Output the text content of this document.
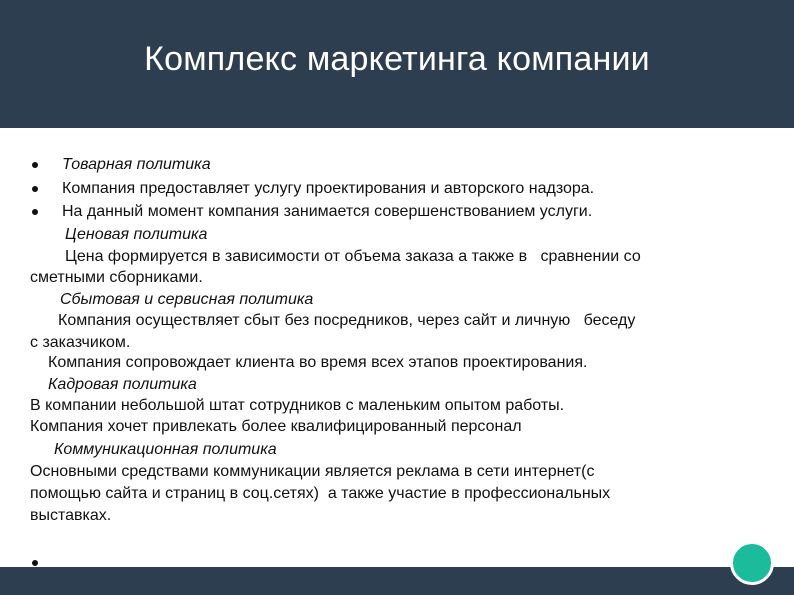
Комплекс маркетинга компании
Товарная политика
Компания предоставляет услугу проектирования и авторского надзора.
На данный момент компания занимается совершенствованием услуги.
Ценовая политика
Цена формируется в зависимости от объема заказа а также в   сравнении со
сметными сборниками.
Сбытовая и сервисная политика
Компания осуществляет сбыт без посредников, через сайт и личную   беседу
с заказчиком.
Компания сопровождает клиента во время всех этапов проектирования.
Кадровая политика
В компании небольшой штат сотрудников с маленьким опытом работы.
Компания хочет привлекать более квалифицированный персонал
Коммуникационная политика
Основными средствами коммуникации является реклама в сети интернет(с
помощью сайта и страниц в соц.сетях)  а также участие в профессиональных
выставках.
